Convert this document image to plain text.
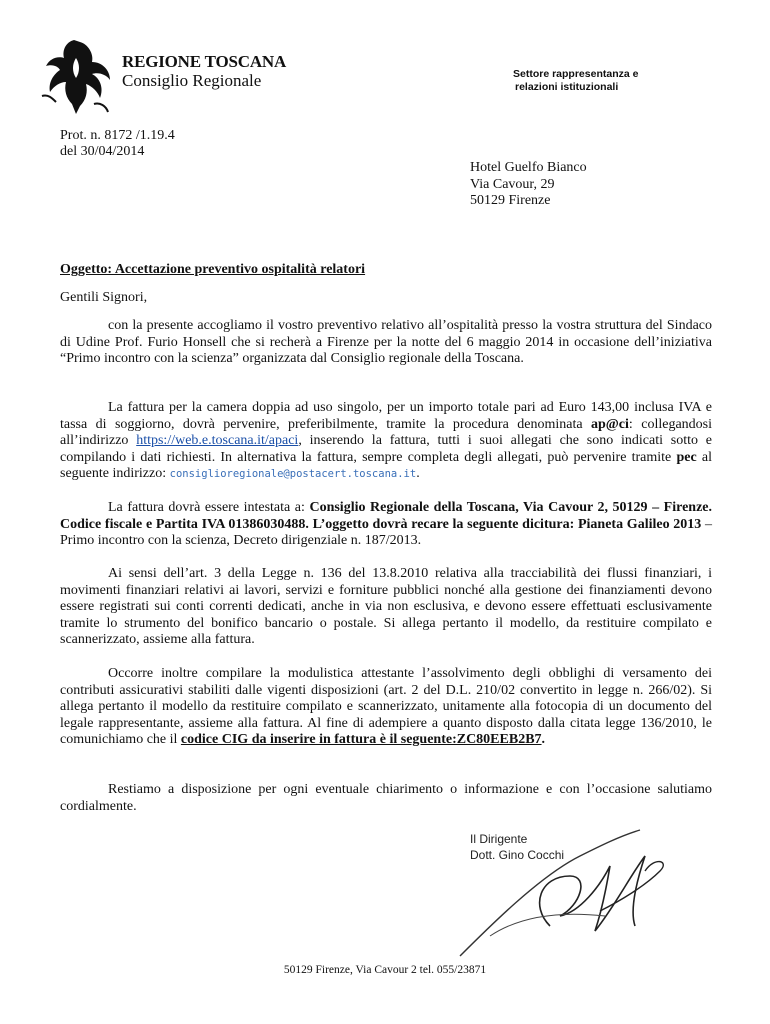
REGIONE TOSCANA
Consiglio Regionale	Settore rappresentanza e
relazioni istituzionali
Prot. n. 8172 /1.19.4
del 30/04/2014
Hotel Guelfo Bianco
Via Cavour, 29
50129 Firenze
Oggetto: Accettazione preventivo ospitalità relatori
Gentili Signori,

con la presente accogliamo il vostro preventivo relativo all’ospitalità presso la vostra struttura del Sindaco di Udine Prof. Furio Honsell che si recherà a Firenze per la notte del 6 maggio 2014 in occasione dell’iniziativa “Primo incontro con la scienza” organizzata dal Consiglio regionale della Toscana.

La fattura per la camera doppia ad uso singolo, per un importo totale pari ad Euro 143,00 inclusa IVA e tassa di soggiorno, dovrà pervenire, preferibilmente, tramite la procedura denominata ap@ci: collegandosi all’indirizzo https://web.e.toscana.it/apaci, inserendo la fattura, tutti i suoi allegati che sono indicati sotto e compilando i dati richiesti. In alternativa la fattura, sempre completa degli allegati, può pervenire tramite pec al seguente indirizzo: consiglioregionale@postacert.toscana.it.

La fattura dovrà essere intestata a: Consiglio Regionale della Toscana, Via Cavour 2, 50129 – Firenze. Codice fiscale e Partita IVA 01386030488. L’oggetto dovrà recare la seguente dicitura: Pianeta Galileo 2013 – Primo incontro con la scienza, Decreto dirigenziale n. 187/2013.

Ai sensi dell’art. 3 della Legge n. 136 del 13.8.2010 relativa alla tracciabilità dei flussi finanziari, i movimenti finanziari relativi ai lavori, servizi e forniture pubblici nonché alla gestione dei finanziamenti devono essere registrati sui conti correnti dedicati, anche in via non esclusiva, e devono essere effettuati esclusivamente tramite lo strumento del bonifico bancario o postale. Si allega pertanto il modello, da restituire compilato e scannerizzato, assieme alla fattura.

Occorre inoltre compilare la modulistica attestante l’assolvimento degli obblighi di versamento dei contributi assicurativi stabiliti dalle vigenti disposizioni (art. 2 del D.L. 210/02 convertito in legge n. 266/02). Si allega pertanto il modello da restituire compilato e scannerizzato, unitamente alla fotocopia di un documento del legale rappresentante, assieme alla fattura. Al fine di adempiere a quanto disposto dalla citata legge 136/2010, le comunichiamo che il codice CIG da inserire in fattura è il seguente:ZC80EEB2B7.

Restiamo a disposizione per ogni eventuale chiarimento o informazione e con l’occasione salutiamo cordialmente.

Il Dirigente
Dott. Gino Cocchi
50129 Firenze, Via Cavour 2 tel. 055/23871
